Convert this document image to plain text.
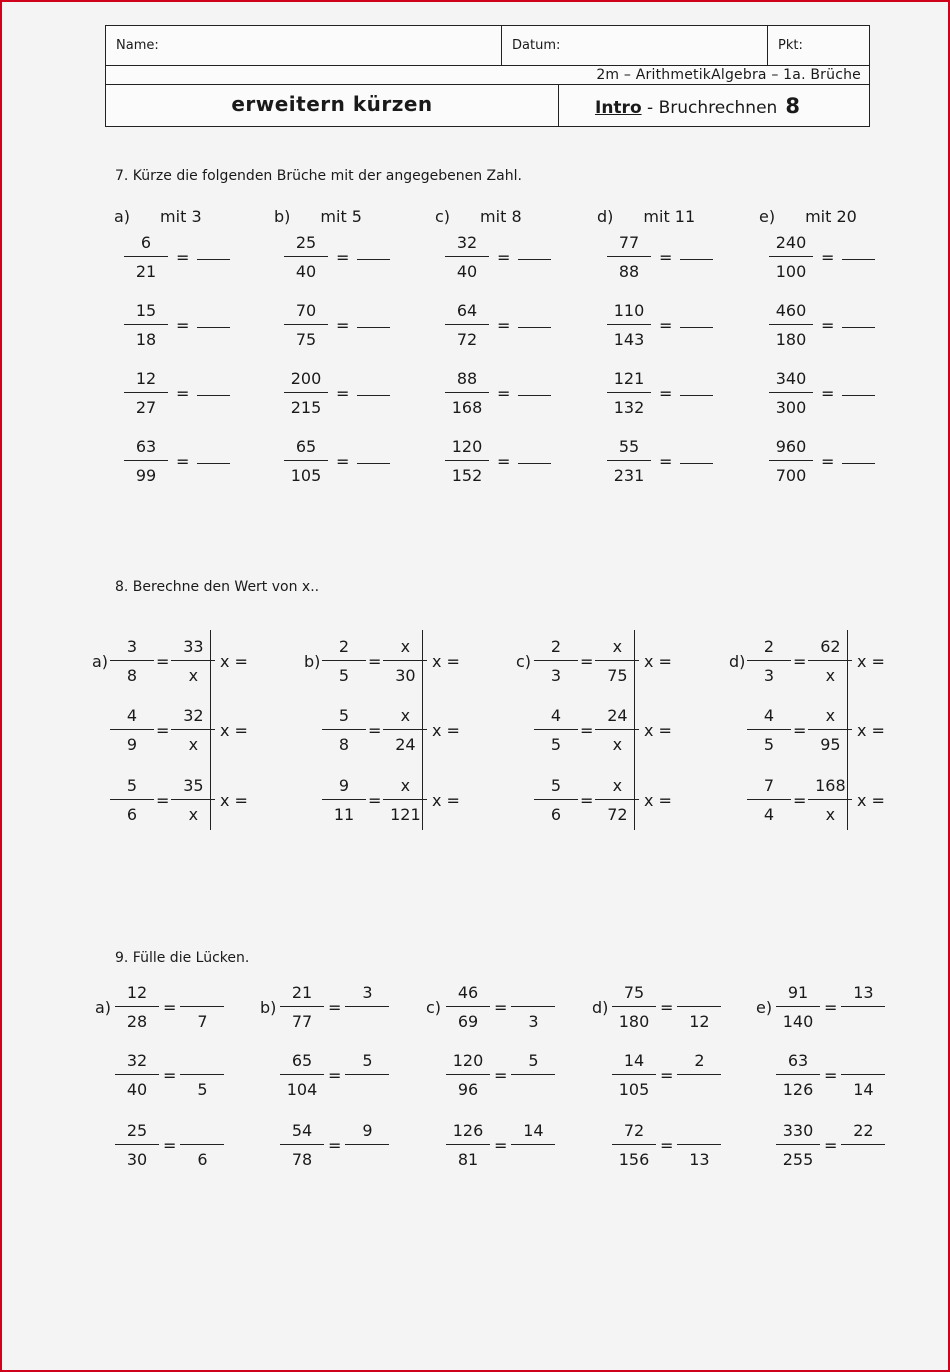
Name:	Datum:	Pkt:
2m – ArithmetikAlgebra – 1a. Brüche
erweitern kürzen	Intro - Bruchrechnen 8
7. Kürze die folgenden Brüche mit der angegebenen Zahl.
a) mit 3
$\frac{6}{21}$ =
$\frac{15}{18}$ =
$\frac{12}{27}$ =
$\frac{63}{99}$ =
b) mit 5
$\frac{25}{40}$ =
$\frac{70}{75}$ =
$\frac{200}{215}$ =
$\frac{65}{105}$ =
c) mit 8
$\frac{32}{40}$ =
$\frac{64}{72}$ =
$\frac{88}{168}$ =
$\frac{120}{152}$ =
d) mit 11
$\frac{77}{88}$ =
$\frac{110}{143}$ =
$\frac{121}{132}$ =
$\frac{55}{231}$ =
e) mit 20
$\frac{240}{100}$ =
$\frac{460}{180}$ =
$\frac{340}{300}$ =
$\frac{960}{700}$ =
8. Berechne den Wert von x..
$a) \frac{3}{8} = \frac{33}{x}$ x =
$\frac{4}{9} = \frac{32}{x}$ x =
$\frac{5}{6} = \frac{35}{x}$ x =
$b) \frac{2}{5} = \frac{x}{30}$ x =
$\frac{5}{8} = \frac{x}{24}$ x =
$\frac{9}{11} = \frac{x}{121}$ x =
$c) \frac{2}{3} = \frac{x}{75}$ x =
$\frac{4}{5} = \frac{24}{x}$ x =
$\frac{5}{6} = \frac{x}{72}$ x =
$d) \frac{2}{3} = \frac{62}{x}$ x =
$\frac{4}{5} = \frac{x}{95}$ x =
$\frac{7}{4} = \frac{168}{x}$ x =
9. Fülle die Lücken.
$a) \frac{12}{28}$ =

7
$\frac{32}{40}$ =

5
$\frac{25}{30}$ =

6
$b) \frac{21}{77}$ =
3

$\frac{65}{104}$ =
5

$\frac{54}{78}$ =
9

$c) \frac{46}{69}$ =

3
$\frac{120}{96}$ =
5

$\frac{126}{81}$ =
14

$d) \frac{75}{180}$ =

12
$\frac{14}{105}$ =
2

$\frac{72}{156}$ =

13
$e) \frac{91}{140}$ =
13

$\frac{63}{126}$ =

14
$\frac{330}{255}$ =
22
